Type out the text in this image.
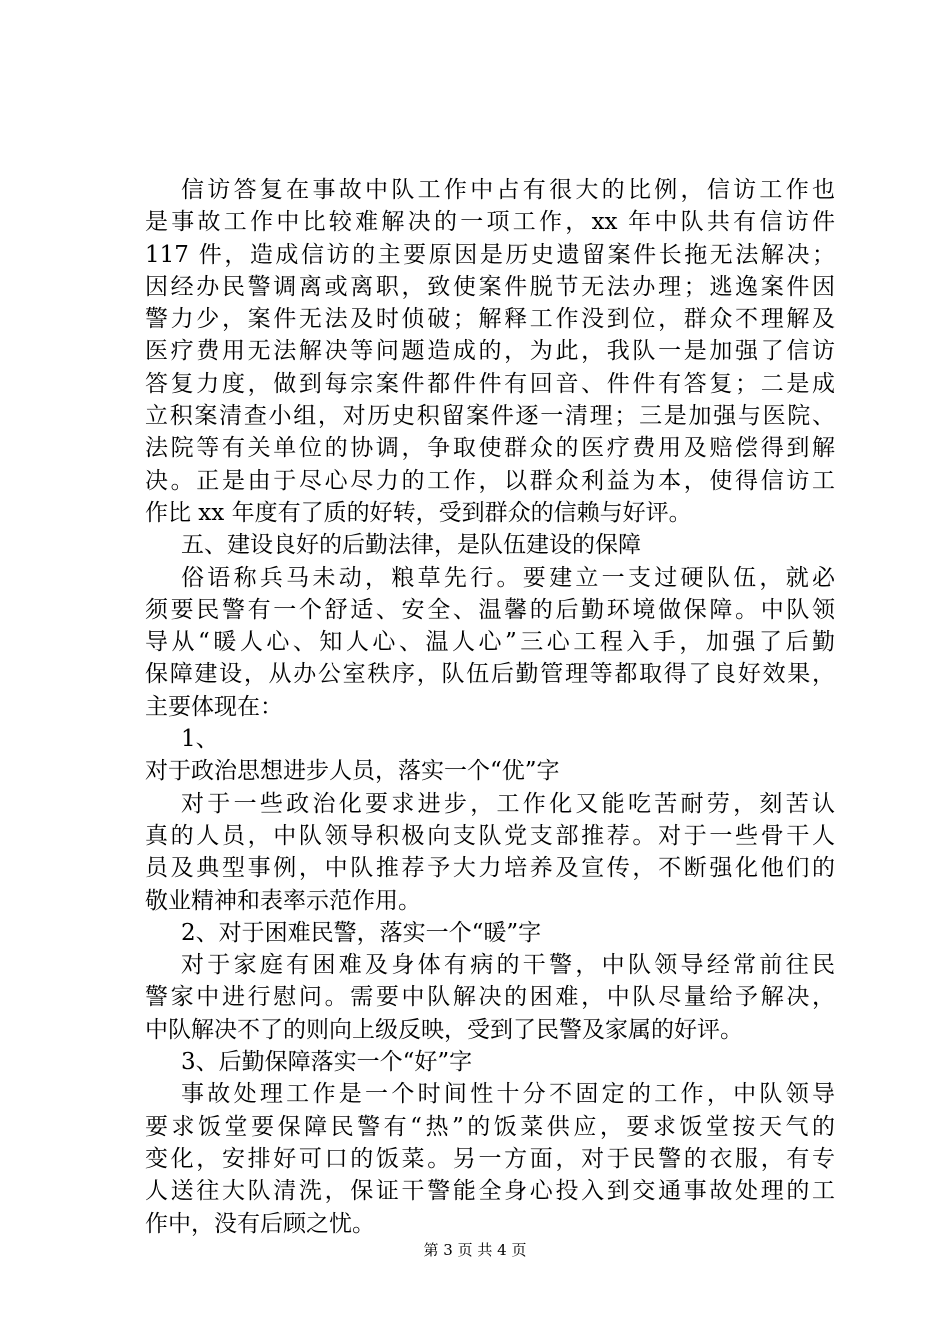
信访答复在事故中队工作中占有很大的比例，信访工作也
是事故工作中比较难解决的一项工作，xx 年中队共有信访件
117 件，造成信访的主要原因是历史遗留案件长拖无法解决；
因经办民警调离或离职，致使案件脱节无法办理；逃逸案件因
警力少，案件无法及时侦破；解释工作没到位，群众不理解及
医疗费用无法解决等问题造成的，为此，我队一是加强了信访
答复力度，做到每宗案件都件件有回音、件件有答复；二是成
立积案清查小组，对历史积留案件逐一清理；三是加强与医院、
法院等有关单位的协调，争取使群众的医疗费用及赔偿得到解
决。正是由于尽心尽力的工作，以群众利益为本，使得信访工
作比 xx 年度有了质的好转，受到群众的信赖与好评。
五、建设良好的后勤法律，是队伍建设的保障
俗语称兵马未动，粮草先行。要建立一支过硬队伍，就必
须要民警有一个舒适、安全、温馨的后勤环境做保障。中队领
导从“暖人心、知人心、温人心”三心工程入手，加强了后勤
保障建设，从办公室秩序，队伍后勤管理等都取得了良好效果，
主要体现在：
1、
对于政治思想进步人员，落实一个“优”字
对于一些政治化要求进步，工作化又能吃苦耐劳，刻苦认
真的人员，中队领导积极向支队党支部推荐。对于一些骨干人
员及典型事例，中队推荐予大力培养及宣传，不断强化他们的
敬业精神和表率示范作用。
2、对于困难民警，落实一个“暖”字
对于家庭有困难及身体有病的干警，中队领导经常前往民
警家中进行慰问。需要中队解决的困难，中队尽量给予解决，
中队解决不了的则向上级反映，受到了民警及家属的好评。
3、后勤保障落实一个“好”字
事故处理工作是一个时间性十分不固定的工作，中队领导
要求饭堂要保障民警有“热”的饭菜供应，要求饭堂按天气的
变化，安排好可口的饭菜。另一方面，对于民警的衣服，有专
人送往大队清洗，保证干警能全身心投入到交通事故处理的工
作中，没有后顾之忧。
第 3 页 共 4 页
